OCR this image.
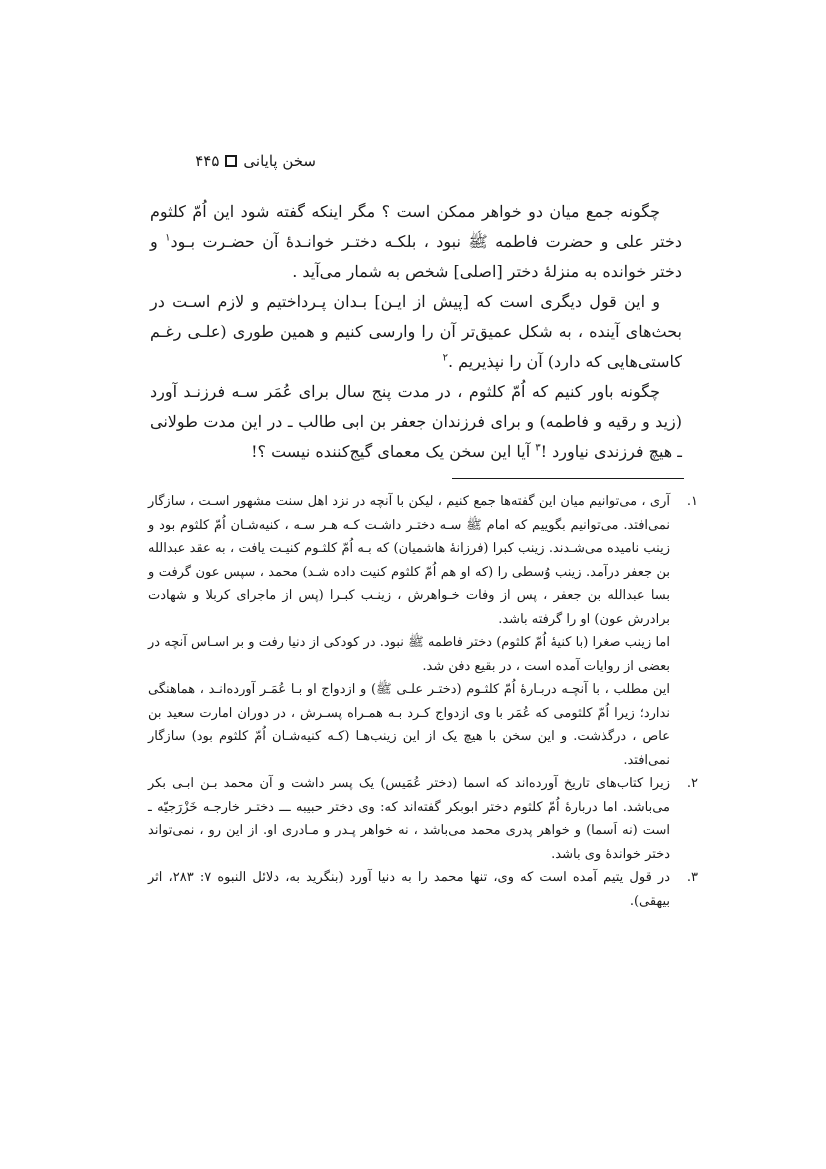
سخن پایانی
۴۴۵

چگونه جمع میان دو خواهر ممکن است ؟ مگر اینکه گفته شود این اُمّ کلثوم دختر علی و حضرت فاطمه ﷺ نبود ، بلکـه دختـر خوانـدهٔ آن حضـرت بـود$^۱$ و دختر خوانده به منزلهٔ دختر [اصلی] شخص به شمار می‌آید .

و این قول دیگری است که [پیش از ایـن] بـدان پـرداختیم و لازم اسـت در بحث‌های آینده ، به شکل عمیق‌تر آن را وارسی کنیم و همین طوری (علـی رغـم کاستی‌هایی که دارد) آن را نپذیریم .$^۲$

چگونه باور کنیم که اُمّ کلثوم ، در مدت پنج سال برای عُمَر سـه فرزنـد آورد (زید و رقیه و فاطمه) و برای فرزندان جعفر بن ابی طالب ـ در این مدت طولانی ـ هیچ فرزندی نیاورد !$^۳$ آیا این سخن یک معمای گیج‌کننده نیست ؟!

۱.آری ، می‌توانیم میان این گفته‌ها جمع کنیم ، لیکن با آنچه در نزد اهل سنت مشهور اسـت ، سازگار نمی‌افتد. می‌توانیم بگوییم که امام ﷺ سـه دختـر داشـت کـه هـر سـه ، کنیه‌شـان اُمّ کلثوم بود و زینب نامیده می‌شـدند. زینب کبرا (فرزانهٔ هاشمیان) که بـه اُمّ کلثـوم کنیـت یافت ، به عقد عبدالله بن جعفر درآمد. زینب وُسطی را (که او هم اُمّ کلثوم کنیت داده شـد) محمد ، سپس عون گرفت و بسا عبدالله بن جعفر ، پس از وفات خـواهرش ، زینـب کبـرا (پس از ماجرای کربلا و شهادت برادرش عون) او را گرفته باشد.

اما زینب صغرا (با کنیهٔ اُمّ کلثوم) دختر فاطمه ﷺ نبود. در کودکی از دنیا رفت و بر اسـاس آنچه در بعضی از روایات آمده است ، در بقیع دفن شد.

این مطلب ، با آنچـه دربـارهٔ اُمّ کلثـوم (دختـر علـی ﷺ) و ازدواج او بـا عُمَـر آورده‌انـد ، هماهنگی ندارد؛ زیرا اُمّ کلثومی که عُمَر با وی ازدواج کـرد بـه همـراه پسـرش ، در دوران امارت سعید بن عاص ، درگذشت. و این سخن با هیچ یک از این زینب‌هـا (کـه کنیه‌شـان اُمّ کلثوم بود) سازگار نمی‌افتد.

۲.زیرا کتاب‌های تاریخ آورده‌اند که اسما (دختر عُمَیس) یک پسر داشت و آن محمد بـن ابـی بکر می‌باشد. اما دربارهٔ اُمّ کلثوم دختر ابوبکر گفته‌اند که: وی دختر حبیبه ـــ دختـر خارجـه خَزْرَجیّه ـ است (نه اَسما) و خواهر پدری محمد می‌باشد ، نه خواهر پـدر و مـادری او. از این رو ، نمی‌تواند دختر خواندهٔ وی باشد.

۳.در قول یتیم آمده است که وی، تنها محمد را به دنیا آورد (بنگرید به، دلائل النبوه ۷: ۲۸۳، اثر بیهقی).
